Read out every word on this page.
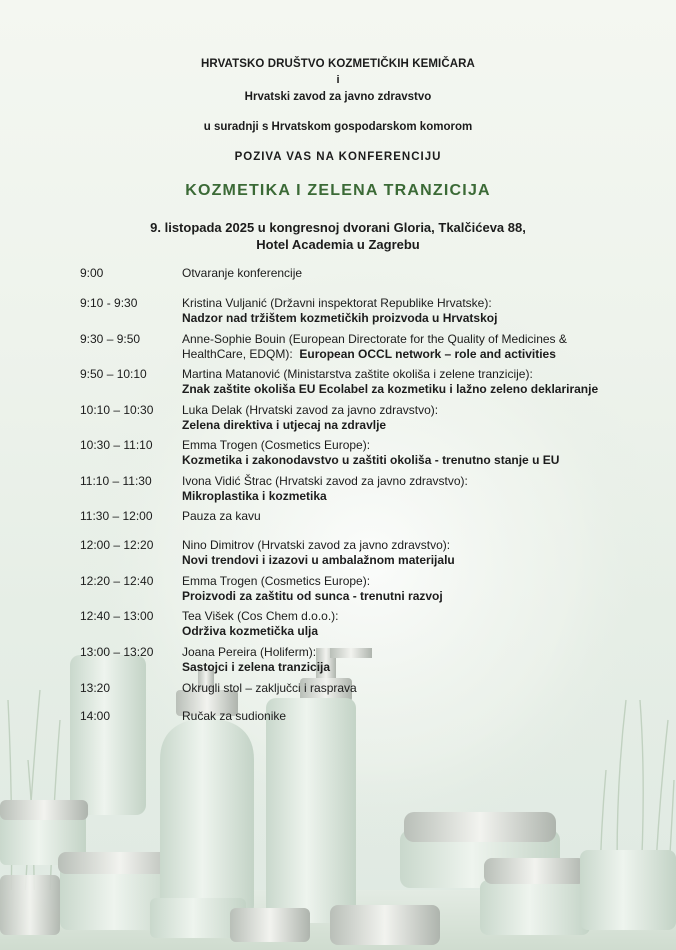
HRVATSKO DRUŠTVO KOZMETIČKIH KEMIČARA
i
Hrvatski zavod za javno zdravstvo
u suradnji s Hrvatskom gospodarskom komorom
POZIVA VAS NA KONFERENCIJU
KOZMETIKA I ZELENA TRANZICIJA
9. listopada 2025 u kongresnoj dvorani Gloria, Tkalčićeva 88,
Hotel Academia u Zagrebu
9:00	Otvaranje konferencije
9:10 - 9:30	Kristina Vuljanić (Državni inspektorat Republike Hrvatske):
Nadzor nad tržištem kozmetičkih proizvoda u Hrvatskoj
9:30 – 9:50	Anne-Sophie Bouin (European Directorate for the Quality of Medicines &
HealthCare, EDQM): European OCCL network – role and activities
9:50 – 10:10	Martina Matanović (Ministarstva zaštite okoliša i zelene tranzicije):
Znak zaštite okoliša EU Ecolabel za kozmetiku i lažno zeleno deklariranje
10:10 – 10:30	Luka Delak (Hrvatski zavod za javno zdravstvo):
Zelena direktiva i utjecaj na zdravlje
10:30 – 11:10	Emma Trogen (Cosmetics Europe):
Kozmetika i zakonodavstvo u zaštiti okoliša - trenutno stanje u EU
11:10 – 11:30	Ivona Vidić Štrac (Hrvatski zavod za javno zdravstvo):
Mikroplastika i kozmetika
11:30 – 12:00	Pauza za kavu
12:00 – 12:20	Nino Dimitrov (Hrvatski zavod za javno zdravstvo):
Novi trendovi i izazovi u ambalažnom materijalu
12:20 – 12:40	Emma Trogen (Cosmetics Europe):
Proizvodi za zaštitu od sunca - trenutni razvoj
12:40 – 13:00	Tea Višek (Cos Chem d.o.o.):
Održiva kozmetička ulja
13:00 – 13:20	Joana Pereira (Holiferm):
Sastojci i zelena tranzicija
13:20	Okrugli stol – zaključci i rasprava
14:00	Ručak za sudionike
